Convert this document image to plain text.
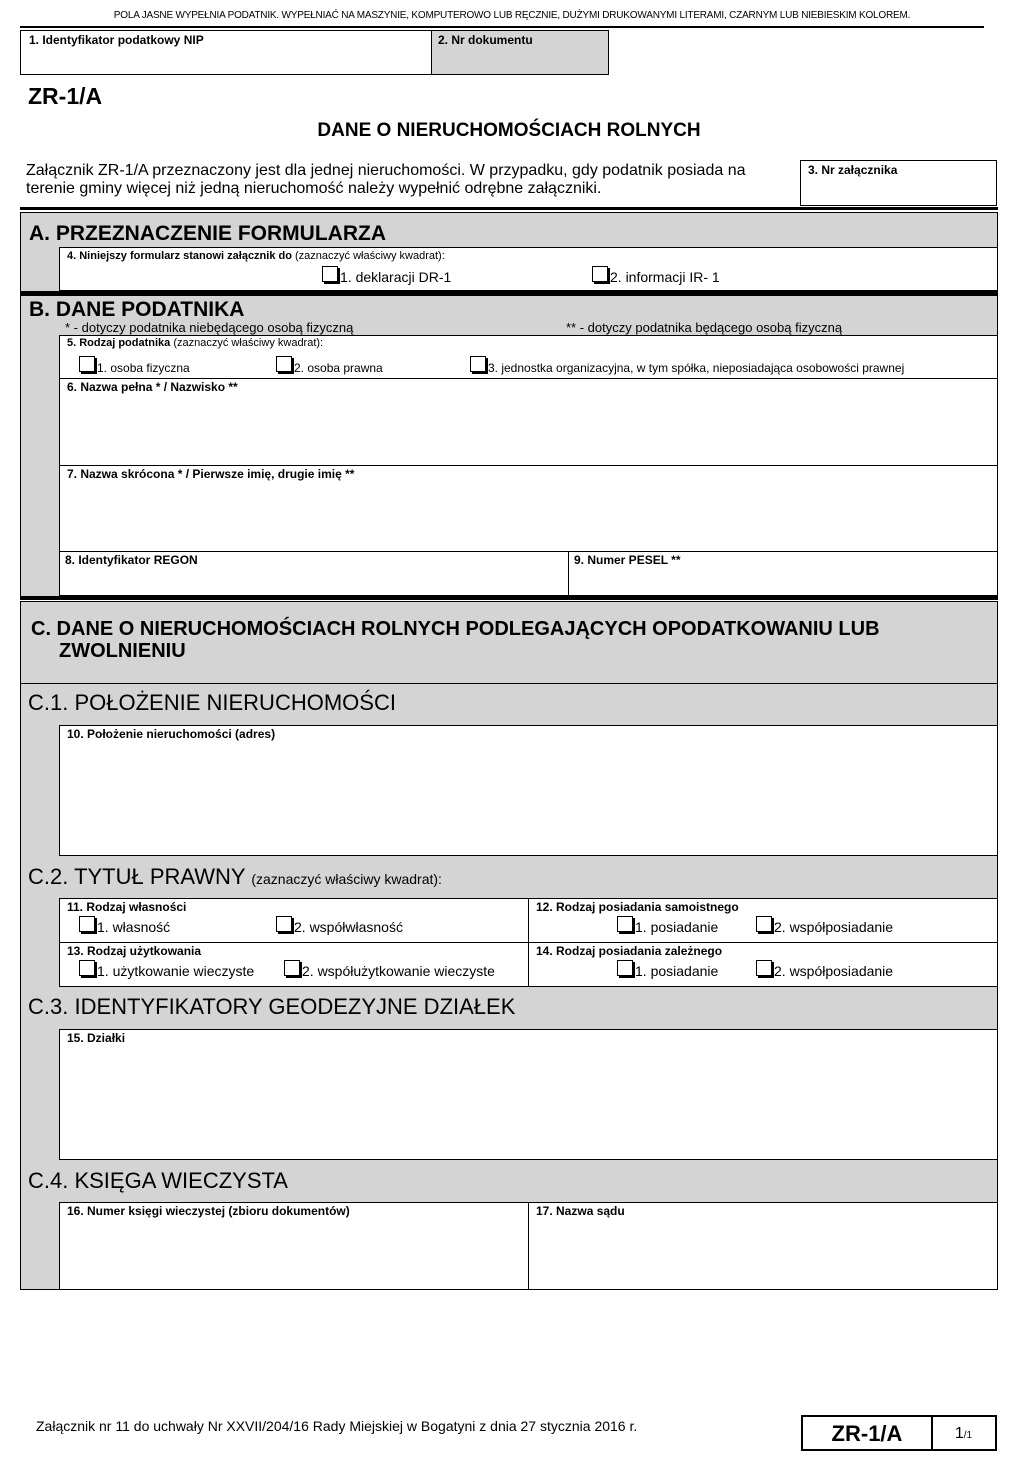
POLA JASNE WYPEŁNIA PODATNIK. WYPEŁNIAĆ NA MASZYNIE, KOMPUTEROWO LUB RĘCZNIE, DUŻYMI DRUKOWANYMI LITERAMI, CZARNYM LUB NIEBIESKIM KOLOREM.
1. Identyfikator podatkowy NIP	2. Nr dokumentu
ZR-1/A
DANE O NIERUCHOMOŚCIACH ROLNYCH
Załącznik ZR-1/A przeznaczony jest dla jednej nieruchomości. W przypadku, gdy podatnik posiada na
terenie gminy więcej niż jedną nieruchomość należy wypełnić odrębne załączniki.
3. Nr załącznika
A. PRZEZNACZENIE FORMULARZA
4. Niniejszy formularz stanowi załącznik do (zaznaczyć właściwy kwadrat):
1. deklaracji DR-1	2. informacji IR- 1
B. DANE PODATNIKA
* - dotyczy podatnika niebędącego osobą fizyczną	** - dotyczy podatnika będącego osobą fizyczną
5. Rodzaj podatnika (zaznaczyć właściwy kwadrat):
1. osoba fizyczna	2. osoba prawna	3. jednostka organizacyjna, w tym spółka, nieposiadająca osobowości prawnej
6. Nazwa pełna * / Nazwisko **
7. Nazwa skrócona * / Pierwsze imię, drugie imię **
8. Identyfikator REGON	9. Numer PESEL **
C. DANE O NIERUCHOMOŚCIACH ROLNYCH PODLEGAJĄCYCH OPODATKOWANIU LUB
ZWOLNIENIU
C.1. POŁOŻENIE NIERUCHOMOŚCI
10. Położenie nieruchomości (adres)
C.2. TYTUŁ PRAWNY (zaznaczyć właściwy kwadrat):
11. Rodzaj własności
1. własność	2. współwłasność
12. Rodzaj posiadania samoistnego
1. posiadanie	2. współposiadanie
13. Rodzaj użytkowania
1. użytkowanie wieczyste	2. współużytkowanie wieczyste
14. Rodzaj posiadania zależnego
1. posiadanie	2. współposiadanie
C.3. IDENTYFIKATORY GEODEZYJNE DZIAŁEK
15. Działki
C.4. KSIĘGA WIECZYSTA
16. Numer księgi wieczystej (zbioru dokumentów)	17. Nazwa sądu
Załącznik nr 11 do uchwały Nr XXVII/204/16 Rady Miejskiej w Bogatyni z dnia 27 stycznia 2016 r.	ZR-1/A	1/1
